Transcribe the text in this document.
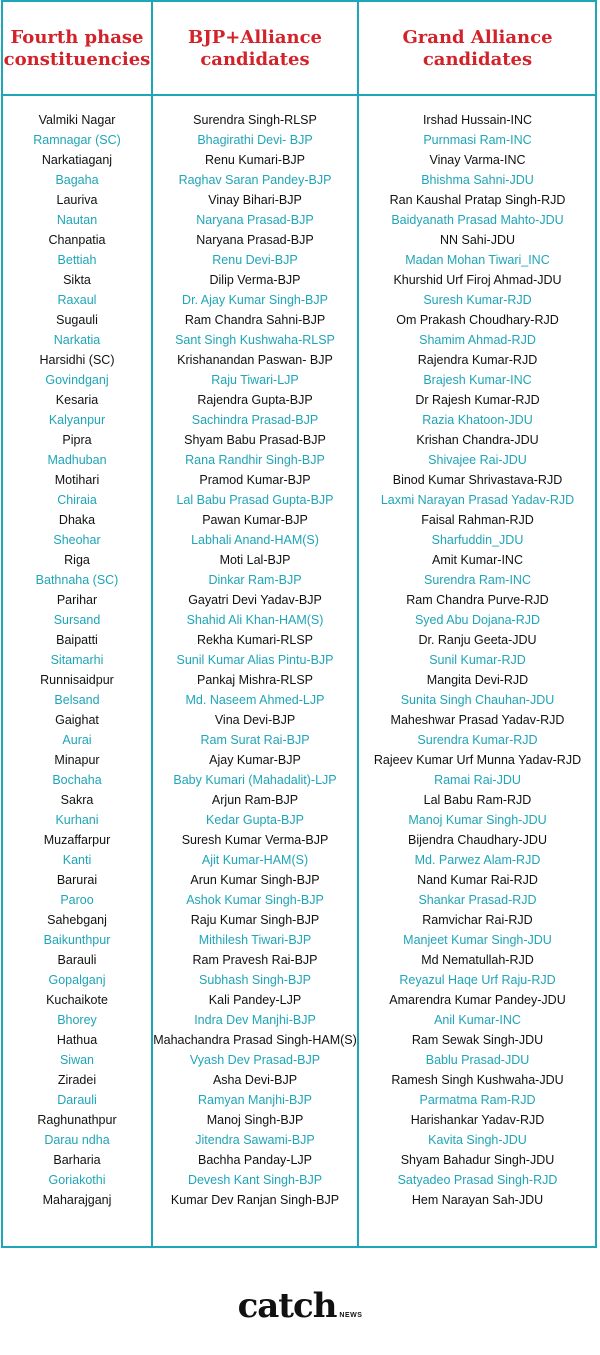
Fourth phase constituencies
BJP+Alliance candidates
Grand Alliance candidates
Valmiki Nagar	Surendra Singh-RLSP	Irshad Hussain-INC
Ramnagar (SC)	Bhagirathi Devi- BJP	Purnmasi Ram-INC
Narkatiaganj	Renu Kumari-BJP	Vinay Varma-INC
Bagaha	Raghav Saran Pandey-BJP	Bhishma Sahni-JDU
Lauriva	Vinay Bihari-BJP	Ran Kaushal Pratap Singh-RJD
Nautan	Naryana Prasad-BJP	Baidyanath Prasad Mahto-JDU
Chanpatia	Naryana Prasad-BJP	NN Sahi-JDU
Bettiah	Renu Devi-BJP	Madan Mohan Tiwari_INC
Sikta	Dilip Verma-BJP	Khurshid Urf Firoj Ahmad-JDU
Raxaul	Dr. Ajay Kumar Singh-BJP	Suresh Kumar-RJD
Sugauli	Ram Chandra Sahni-BJP	Om Prakash Choudhary-RJD
Narkatia	Sant Singh Kushwaha-RLSP	Shamim Ahmad-RJD
Harsidhi (SC)	Krishanandan Paswan- BJP	Rajendra Kumar-RJD
Govindganj	Raju Tiwari-LJP	Brajesh Kumar-INC
Kesaria	Rajendra Gupta-BJP	Dr Rajesh Kumar-RJD
Kalyanpur	Sachindra Prasad-BJP	Razia Khatoon-JDU
Pipra	Shyam Babu Prasad-BJP	Krishan Chandra-JDU
Madhuban	Rana Randhir Singh-BJP	Shivajee Rai-JDU
Motihari	Pramod Kumar-BJP	Binod Kumar Shrivastava-RJD
Chiraia	Lal Babu Prasad Gupta-BJP	Laxmi Narayan Prasad Yadav-RJD
Dhaka	Pawan Kumar-BJP	Faisal Rahman-RJD
Sheohar	Labhali Anand-HAM(S)	Sharfuddin_JDU
Riga	Moti Lal-BJP	Amit Kumar-INC
Bathnaha (SC)	Dinkar Ram-BJP	Surendra Ram-INC
Parihar	Gayatri Devi Yadav-BJP	Ram Chandra Purve-RJD
Sursand	Shahid Ali Khan-HAM(S)	Syed Abu Dojana-RJD
Baipatti	Rekha Kumari-RLSP	Dr. Ranju Geeta-JDU
Sitamarhi	Sunil Kumar Alias Pintu-BJP	Sunil Kumar-RJD
Runnisaidpur	Pankaj Mishra-RLSP	Mangita Devi-RJD
Belsand	Md. Naseem Ahmed-LJP	Sunita Singh Chauhan-JDU
Gaighat	Vina Devi-BJP	Maheshwar Prasad Yadav-RJD
Aurai	Ram Surat Rai-BJP	Surendra Kumar-RJD
Minapur	Ajay Kumar-BJP	Rajeev Kumar Urf Munna Yadav-RJD
Bochaha	Baby Kumari (Mahadalit)-LJP	Ramai Rai-JDU
Sakra	Arjun Ram-BJP	Lal Babu Ram-RJD
Kurhani	Kedar Gupta-BJP	Manoj Kumar Singh-JDU
Muzaffarpur	Suresh Kumar Verma-BJP	Bijendra Chaudhary-JDU
Kanti	Ajit Kumar-HAM(S)	Md. Parwez Alam-RJD
Barurai	Arun Kumar Singh-BJP	Nand Kumar Rai-RJD
Paroo	Ashok Kumar Singh-BJP	Shankar Prasad-RJD
Sahebganj	Raju Kumar Singh-BJP	Ramvichar Rai-RJD
Baikunthpur	Mithilesh Tiwari-BJP	Manjeet Kumar Singh-JDU
Barauli	Ram Pravesh Rai-BJP	Md Nematullah-RJD
Gopalganj	Subhash Singh-BJP	Reyazul Haqe Urf Raju-RJD
Kuchaikote	Kali Pandey-LJP	Amarendra Kumar Pandey-JDU
Bhorey	Indra Dev Manjhi-BJP	Anil Kumar-INC
Hathua	Mahachandra Prasad Singh-HAM(S)	Ram Sewak Singh-JDU
Siwan	Vyash Dev Prasad-BJP	Bablu Prasad-JDU
Ziradei	Asha Devi-BJP	Ramesh Singh Kushwaha-JDU
Darauli	Ramyan Manjhi-BJP	Parmatma Ram-RJD
Raghunathpur	Manoj Singh-BJP	Harishankar Yadav-RJD
Darau ndha	Jitendra Sawami-BJP	Kavita Singh-JDU
Barharia	Bachha Panday-LJP	Shyam Bahadur Singh-JDU
Goriakothi	Devesh Kant Singh-BJP	Satyadeo Prasad Singh-RJD
Maharajganj	Kumar Dev Ranjan Singh-BJP	Hem Narayan Sah-JDU
catch NEWS
